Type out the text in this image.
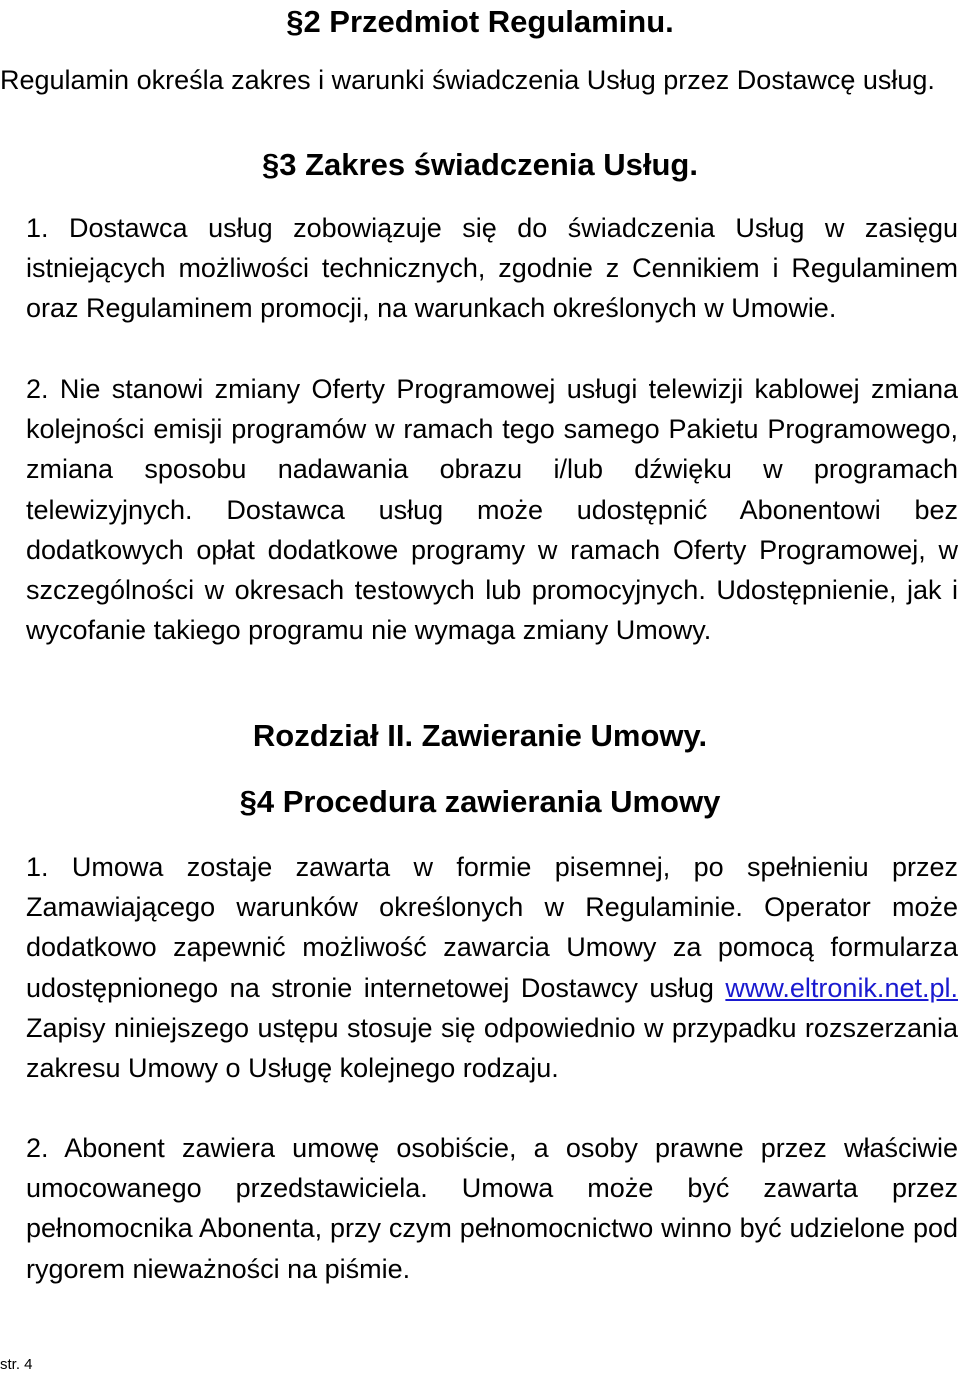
§2 Przedmiot Regulaminu.

Regulamin określa zakres i warunki świadczenia Usług przez Dostawcę usług.

§3 Zakres świadczenia Usług.

1. Dostawca usług zobowiązuje się do świadczenia Usług w zasięgu istniejących możliwości technicznych, zgodnie z Cennikiem i Regulaminem oraz Regulaminem promocji, na warunkach określonych w Umowie.

2. Nie stanowi zmiany Oferty Programowej usługi telewizji kablowej zmiana kolejności emisji programów w ramach tego samego Pakietu Programowego, zmiana sposobu nadawania obrazu i/lub dźwięku w programach telewizyjnych. Dostawca usług może udostępnić Abonentowi bez dodatkowych opłat dodatkowe programy w ramach Oferty Programowej, w szczególności w okresach testowych lub promocyjnych. Udostępnienie, jak i wycofanie takiego programu nie wymaga zmiany Umowy.

Rozdział II. Zawieranie Umowy.
§4 Procedura zawierania Umowy

1. Umowa zostaje zawarta w formie pisemnej, po spełnieniu przez Zamawiającego warunków określonych w Regulaminie. Operator może dodatkowo zapewnić możliwość zawarcia Umowy za pomocą formularza udostępnionego na stronie internetowej Dostawcy usług www.eltronik.net.pl. Zapisy niniejszego ustępu stosuje się odpowiednio w przypadku rozszerzania zakresu Umowy o Usługę kolejnego rodzaju.

2. Abonent zawiera umowę osobiście, a osoby prawne przez właściwie umocowanego przedstawiciela. Umowa może być zawarta przez pełnomocnika Abonenta, przy czym pełnomocnictwo winno być udzielone pod rygorem nieważności na piśmie.

str. 4
